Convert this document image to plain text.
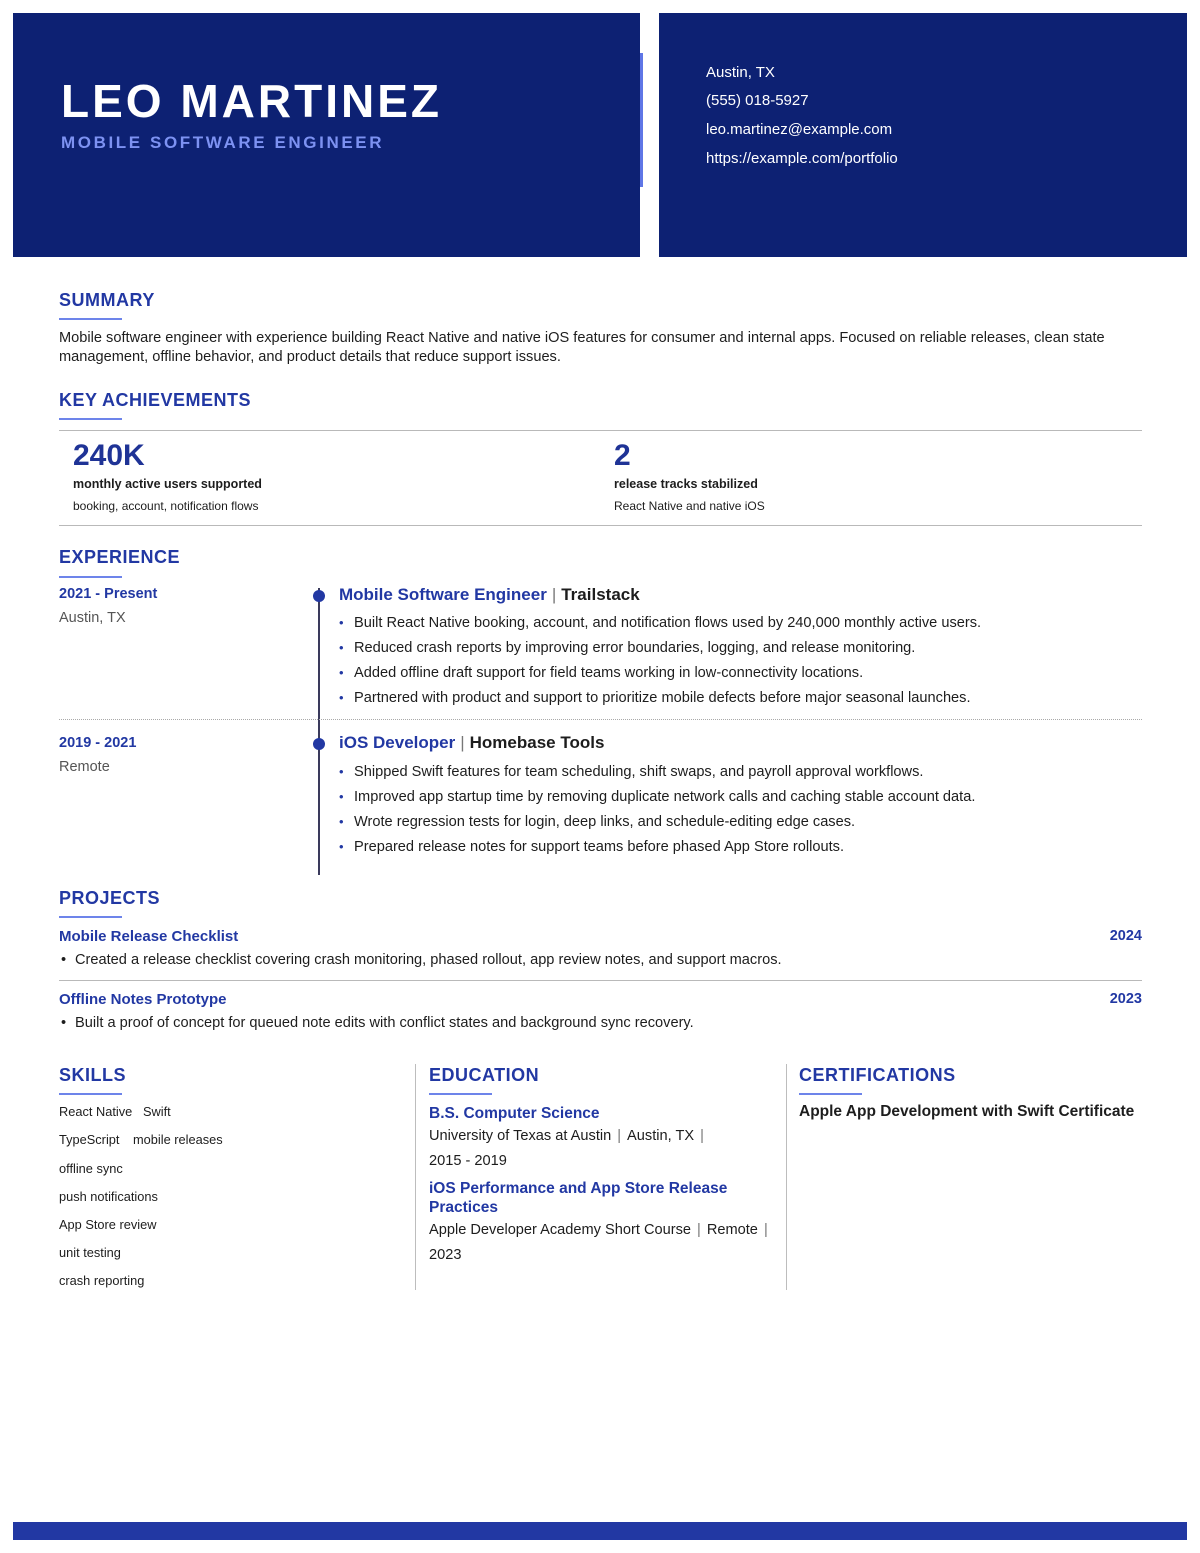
LEO MARTINEZ
MOBILE SOFTWARE ENGINEER
Austin, TX
(555) 018-5927
leo.martinez@example.com
https://example.com/portfolio
SUMMARY
Mobile software engineer with experience building React Native and native iOS features for consumer and internal apps. Focused on reliable releases, clean state management, offline behavior, and product details that reduce support issues.
KEY ACHIEVEMENTS
240K
monthly active users supported
booking, account, notification flows
2
release tracks stabilized
React Native and native iOS
EXPERIENCE
2021 - Present
Austin, TX
Mobile Software Engineer | Trailstack
• Built React Native booking, account, and notification flows used by 240,000 monthly active users.
• Reduced crash reports by improving error boundaries, logging, and release monitoring.
• Added offline draft support for field teams working in low-connectivity locations.
• Partnered with product and support to prioritize mobile defects before major seasonal launches.
2019 - 2021
Remote
iOS Developer | Homebase Tools
• Shipped Swift features for team scheduling, shift swaps, and payroll approval workflows.
• Improved app startup time by removing duplicate network calls and caching stable account data.
• Wrote regression tests for login, deep links, and schedule-editing edge cases.
• Prepared release notes for support teams before phased App Store rollouts.
PROJECTS
Mobile Release Checklist	2024
• Created a release checklist covering crash monitoring, phased rollout, app review notes, and support macros.
Offline Notes Prototype	2023
• Built a proof of concept for queued note edits with conflict states and background sync recovery.
SKILLS
React Native Swift
TypeScript mobile releases
offline sync
push notifications
App Store review
unit testing
crash reporting
EDUCATION
B.S. Computer Science
University of Texas at Austin | Austin, TX |
2015 - 2019
iOS Performance and App Store Release Practices
Apple Developer Academy Short Course | Remote |
2023
CERTIFICATIONS
Apple App Development with Swift Certificate
